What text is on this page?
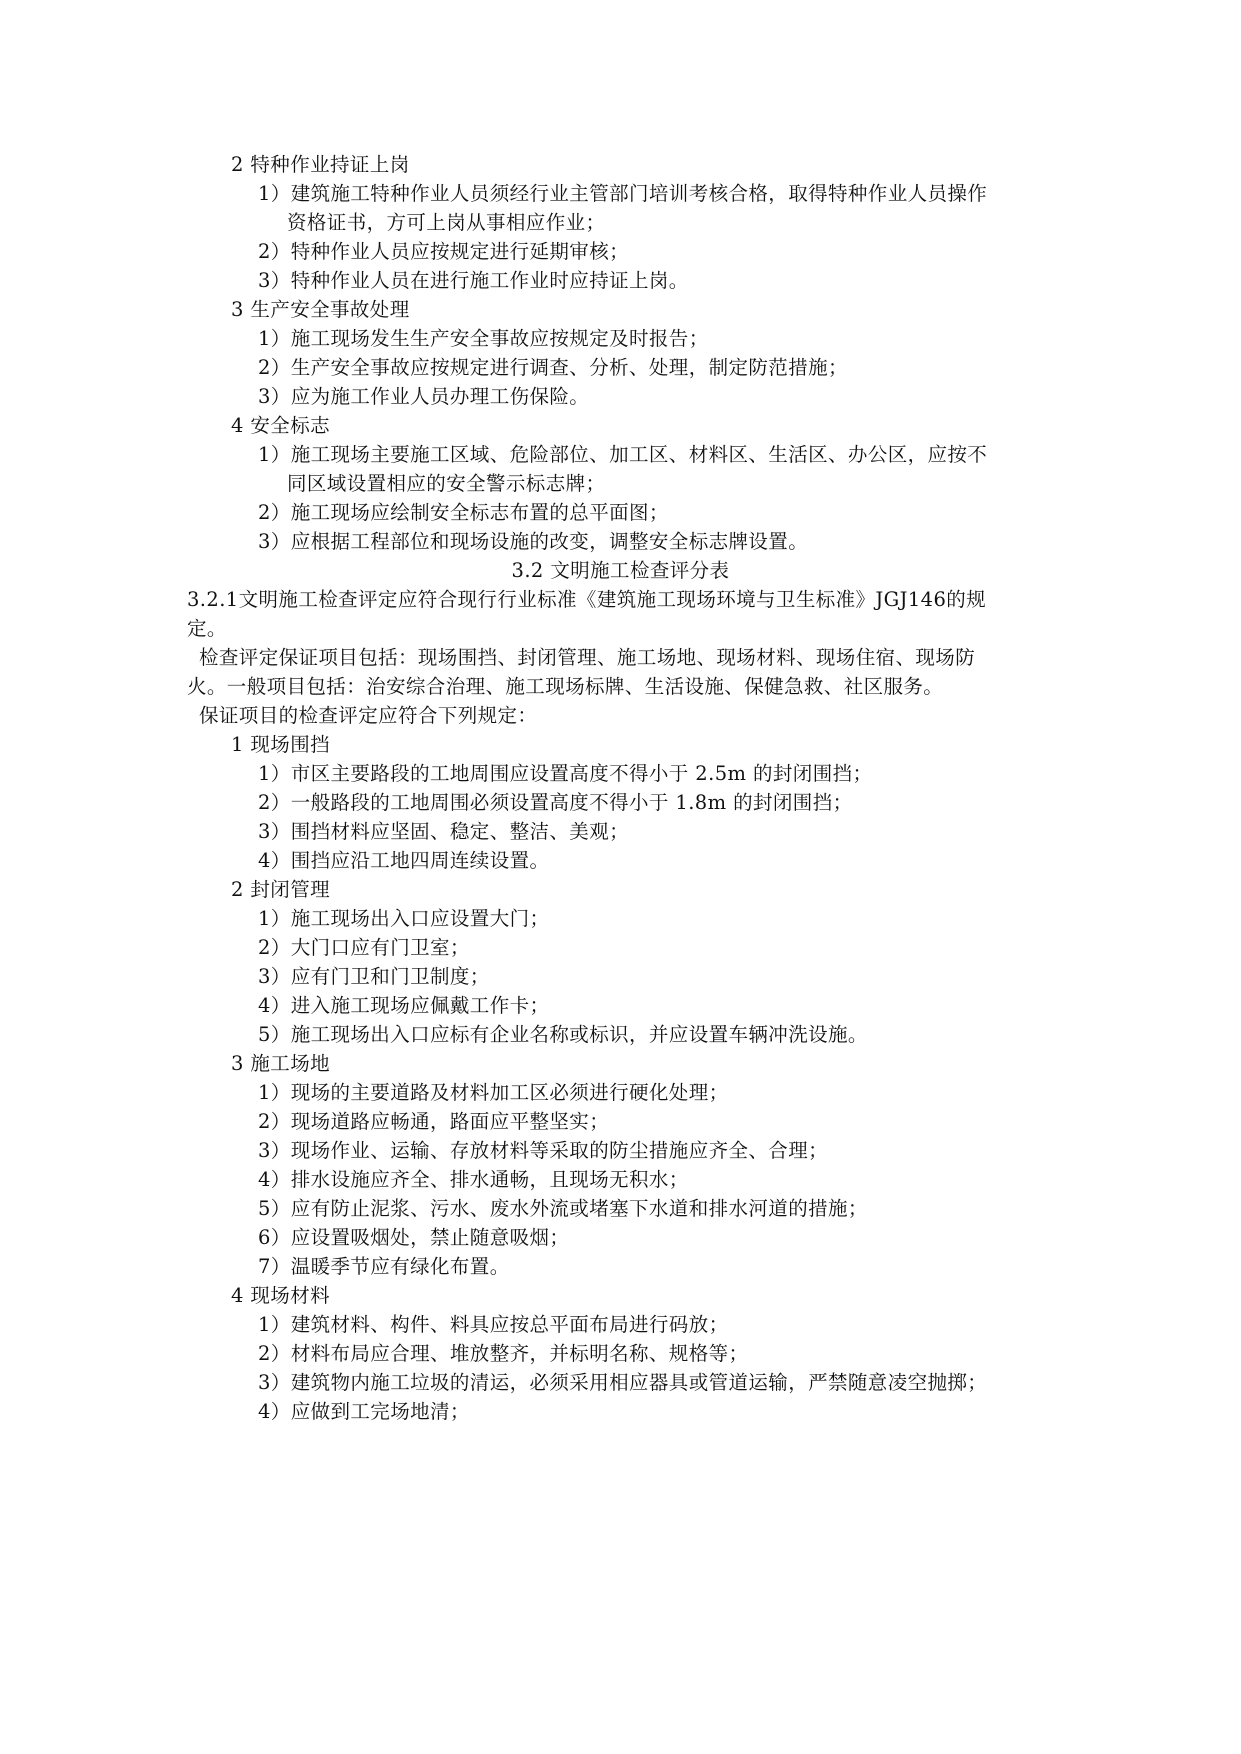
2 特种作业持证上岗
1）建筑施工特种作业人员须经行业主管部门培训考核合格，取得特种作业人员操作
资格证书，方可上岗从事相应作业；
2）特种作业人员应按规定进行延期审核；
3）特种作业人员在进行施工作业时应持证上岗。
3 生产安全事故处理
1）施工现场发生生产安全事故应按规定及时报告；
2）生产安全事故应按规定进行调查、分析、处理，制定防范措施；
3）应为施工作业人员办理工伤保险。
4 安全标志
1）施工现场主要施工区域、危险部位、加工区、材料区、生活区、办公区，应按不
同区域设置相应的安全警示标志牌；
2）施工现场应绘制安全标志布置的总平面图；
3）应根据工程部位和现场设施的改变，调整安全标志牌设置。
3.2 文明施工检查评分表
3.2.1文明施工检查评定应符合现行行业标准《建筑施工现场环境与卫生标准》JGJ146的规
定。
检查评定保证项目包括：现场围挡、封闭管理、施工场地、现场材料、现场住宿、现场防
火。一般项目包括：治安综合治理、施工现场标牌、生活设施、保健急救、社区服务。
保证项目的检查评定应符合下列规定：
1 现场围挡
1）市区主要路段的工地周围应设置高度不得小于 2.5m 的封闭围挡；
2）一般路段的工地周围必须设置高度不得小于 1.8m 的封闭围挡；
3）围挡材料应坚固、稳定、整洁、美观；
4）围挡应沿工地四周连续设置。
2 封闭管理
1）施工现场出入口应设置大门；
2）大门口应有门卫室；
3）应有门卫和门卫制度；
4）进入施工现场应佩戴工作卡；
5）施工现场出入口应标有企业名称或标识，并应设置车辆冲洗设施。
3 施工场地
1）现场的主要道路及材料加工区必须进行硬化处理；
2）现场道路应畅通，路面应平整坚实；
3）现场作业、运输、存放材料等采取的防尘措施应齐全、合理；
4）排水设施应齐全、排水通畅，且现场无积水；
5）应有防止泥浆、污水、废水外流或堵塞下水道和排水河道的措施；
6）应设置吸烟处，禁止随意吸烟；
7）温暖季节应有绿化布置。
4 现场材料
1）建筑材料、构件、料具应按总平面布局进行码放；
2）材料布局应合理、堆放整齐，并标明名称、规格等；
3）建筑物内施工垃圾的清运，必须采用相应器具或管道运输，严禁随意凌空抛掷；
4）应做到工完场地清；
